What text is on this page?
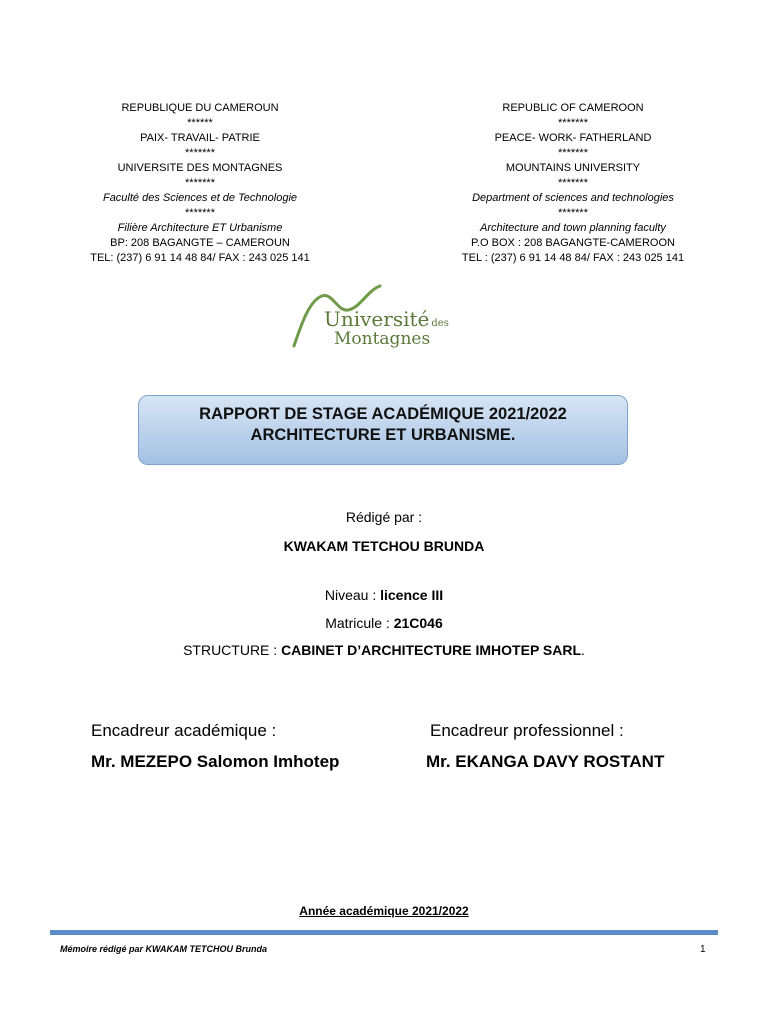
REPUBLIQUE DU CAMEROUN
******
PAIX- TRAVAIL- PATRIE
*******
UNIVERSITE DES MONTAGNES
*******
Faculté des Sciences et de Technologie
*******
Filière Architecture ET Urbanisme
BP: 208 BAGANGTE – CAMEROUN
TEL: (237) 6 91 14 48 84/ FAX : 243 025 141
REPUBLIC OF CAMEROON
*******
PEACE- WORK- FATHERLAND
*******
MOUNTAINS UNIVERSITY
*******
Department of sciences and technologies
*******
Architecture and town planning faculty
P.O BOX : 208 BAGANGTE-CAMEROON
TEL : (237) 6 91 14 48 84/ FAX : 243 025 141
Université des
Montagnes
RAPPORT DE STAGE ACADÉMIQUE 2021/2022
ARCHITECTURE ET URBANISME.
Rédigé par :
KWAKAM TETCHOU BRUNDA
Niveau : licence III
Matricule : 21C046
STRUCTURE : CABINET D’ARCHITECTURE IMHOTEP SARL.
Encadreur académique :	Encadreur professionnel :
Mr. MEZEPO Salomon Imhotep	Mr. EKANGA DAVY ROSTANT
Année académique 2021/2022
Mémoire rédigé par KWAKAM TETCHOU Brunda	1
